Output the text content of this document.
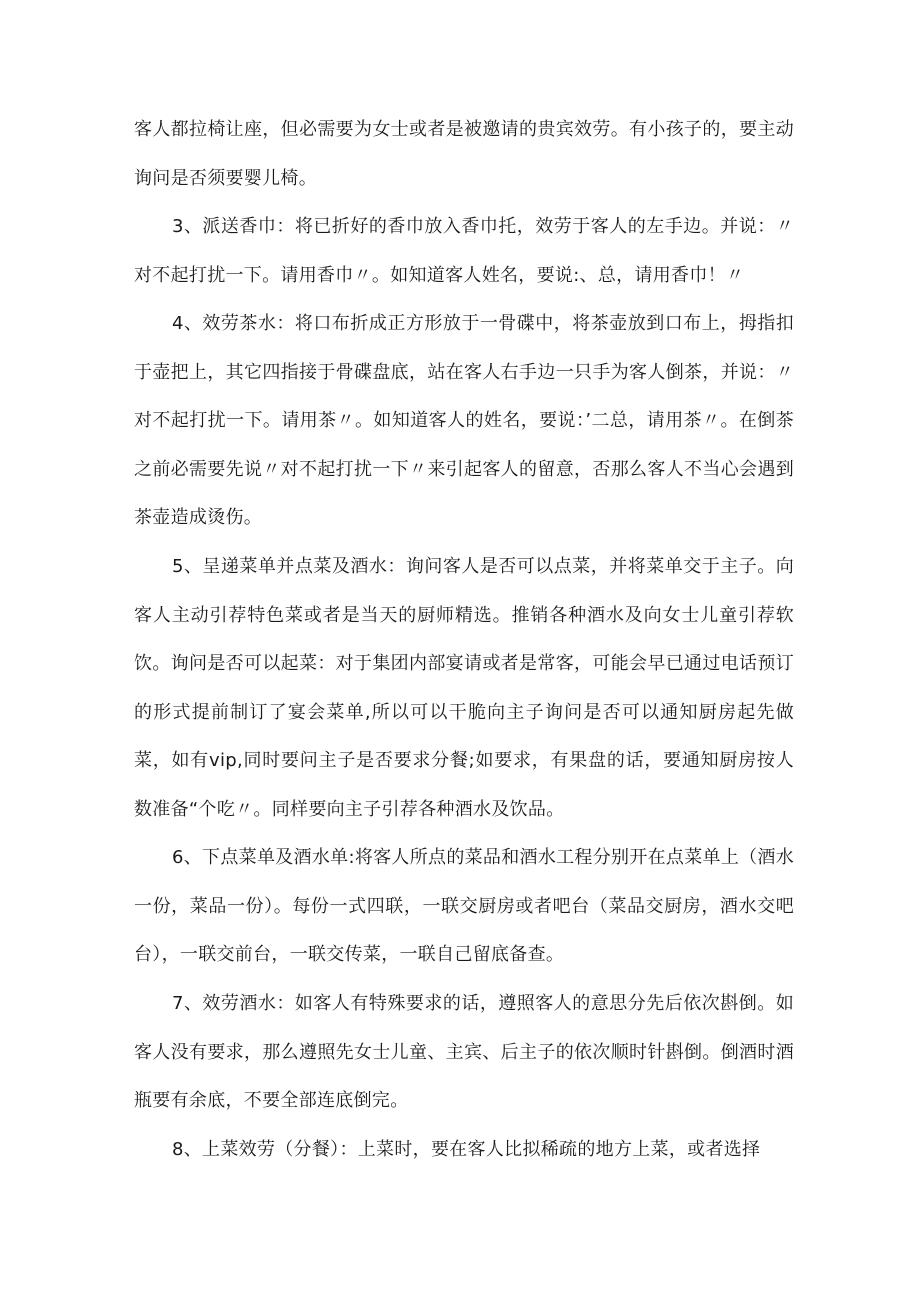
客人都拉椅让座，但必需要为女士或者是被邀请的贵宾效劳。有小孩子的，要主动询问是否须要婴儿椅。

3、派送香巾：将已折好的香巾放入香巾托，效劳于客人的左手边。并说：〃对不起打扰一下。请用香巾〃。如知道客人姓名，要说:、总，请用香巾！〃

4、效劳茶水：将口布折成正方形放于一骨碟中，将茶壶放到口布上，拇指扣于壶把上，其它四指接于骨碟盘底，站在客人右手边一只手为客人倒茶，并说：〃对不起打扰一下。请用茶〃。如知道客人的姓名，要说：’二总，请用茶〃。在倒茶之前必需要先说〃对不起打扰一下〃来引起客人的留意，否那么客人不当心会遇到茶壶造成烫伤。

5、呈递菜单并点菜及酒水：询问客人是否可以点菜，并将菜单交于主子。向客人主动引荐特色菜或者是当天的厨师精选。推销各种酒水及向女士儿童引荐软饮。询问是否可以起菜：对于集团内部宴请或者是常客，可能会早已通过电话预订的形式提前制订了宴会菜单,所以可以干脆向主子询问是否可以通知厨房起先做菜，如有vip,同时要问主子是否要求分餐;如要求，有果盘的话，要通知厨房按人数准备“个吃〃。同样要向主子引荐各种酒水及饮品。

6、下点菜单及酒水单:将客人所点的菜品和酒水工程分别开在点菜单上（酒水一份，菜品一份）。每份一式四联，一联交厨房或者吧台（菜品交厨房，酒水交吧台），一联交前台，一联交传菜，一联自己留底备查。

7、效劳酒水：如客人有特殊要求的话，遵照客人的意思分先后依次斟倒。如客人没有要求，那么遵照先女士儿童、主宾、后主子的依次顺时针斟倒。倒酒时酒瓶要有余底，不要全部连底倒完。

8、上菜效劳（分餐）：上菜时，要在客人比拟稀疏的地方上菜，或者选择
